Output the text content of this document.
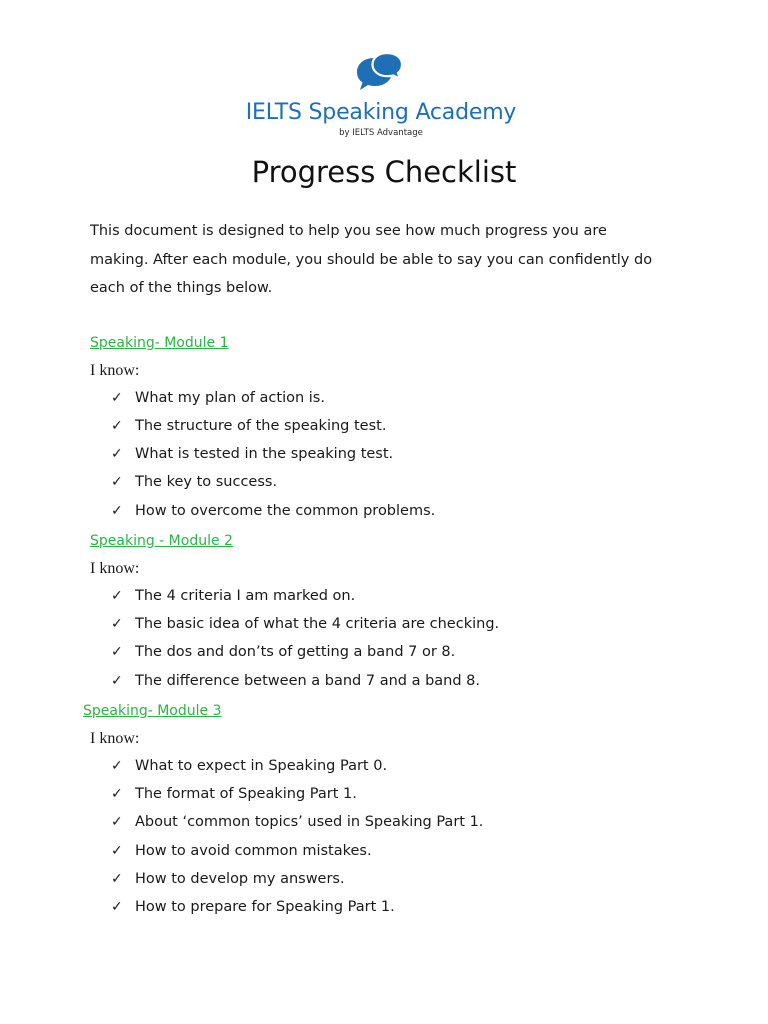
IELTS Speaking Academy
by IELTS Advantage
Progress Checklist
This document is designed to help you see how much progress you are
making. After each module, you should be able to say you can confidently do
each of the things below.
Speaking- Module 1
I know:
✓ What my plan of action is.
✓ The structure of the speaking test.
✓ What is tested in the speaking test.
✓ The key to success.
✓ How to overcome the common problems.
Speaking - Module 2
I know:
✓ The 4 criteria I am marked on.
✓ The basic idea of what the 4 criteria are checking.
✓ The dos and don’ts of getting a band 7 or 8.
✓ The difference between a band 7 and a band 8.
Speaking- Module 3
I know:
✓ What to expect in Speaking Part 0.
✓ The format of Speaking Part 1.
✓ About ‘common topics’ used in Speaking Part 1.
✓ How to avoid common mistakes.
✓ How to develop my answers.
✓ How to prepare for Speaking Part 1.
